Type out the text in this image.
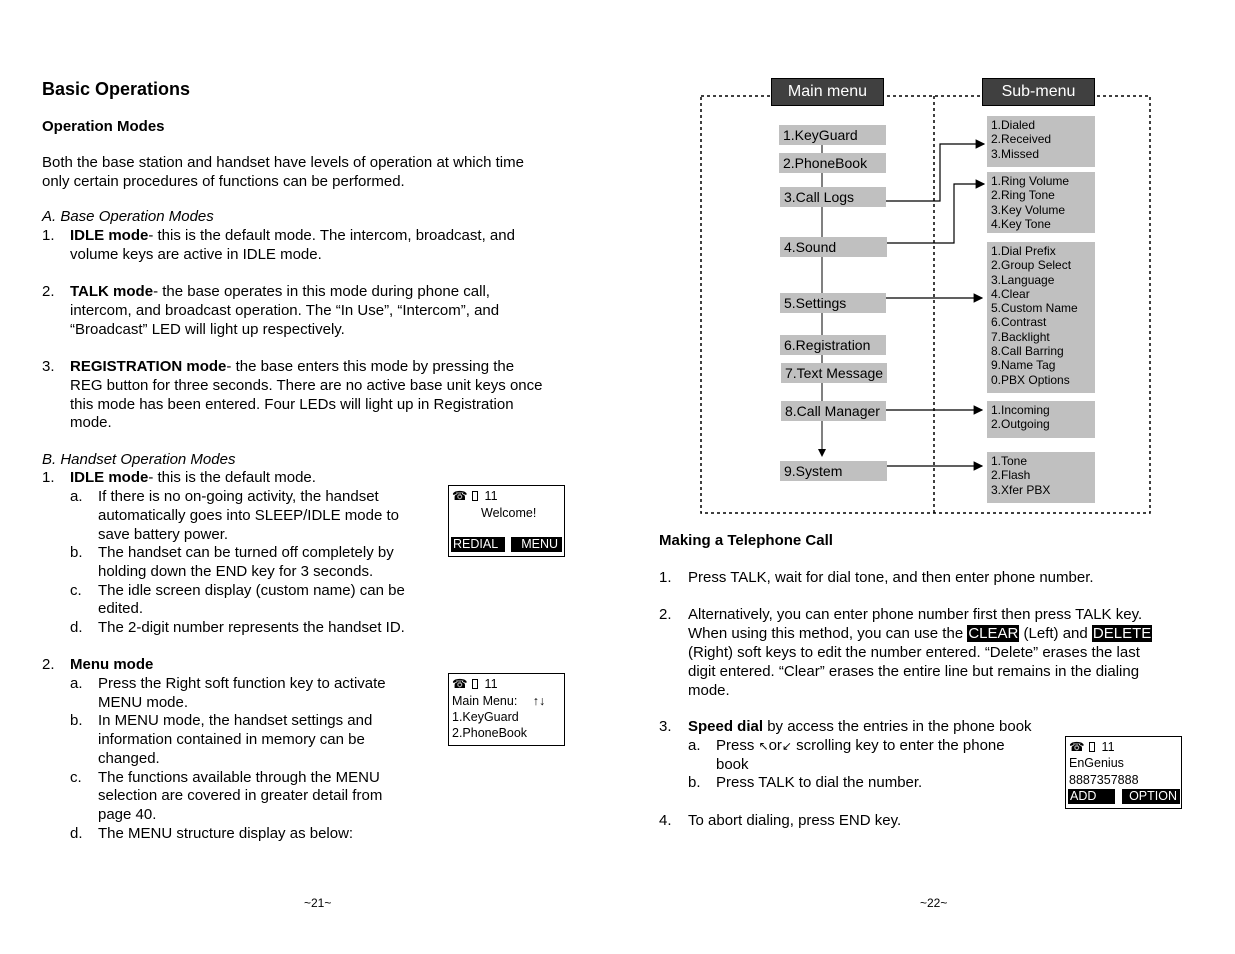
Basic Operations
Operation Modes
Both the base station and handset have levels of operation at which time
only certain procedures of functions can be performed.
A. Base Operation Modes
1. IDLE mode- this is the default mode. The intercom, broadcast, and
volume keys are active in IDLE mode.
2. TALK mode- the base operates in this mode during phone call,
intercom, and broadcast operation. The “In Use”, “Intercom”, and
“Broadcast” LED will light up respectively.
3. REGISTRATION mode- the base enters this mode by pressing the
REG button for three seconds. There are no active base unit keys once
this mode has been entered. Four LEDs will light up in Registration
mode.
B. Handset Operation Modes
1. IDLE mode- this is the default mode.
a. If there is no on-going activity, the handset
automatically goes into SLEEP/IDLE mode to
save battery power.
b. The handset can be turned off completely by
holding down the END key for 3 seconds.
c. The idle screen display (custom name) can be
edited.
d. The 2-digit number represents the handset ID.
2. Menu mode
a. Press the Right soft function key to activate
MENU mode.
b. In MENU mode, the handset settings and
information contained in memory can be
changed.
c. The functions available through the MENU
selection are covered in greater detail from
page 40.
d. The MENU structure display as below:
☎ 11
Welcome!
REDIAL	MENU
☎ 11
Main Menu: ↑↓
1.KeyGuard
2.PhoneBook
~21~
Main menu	Sub-menu
1.KeyGuard
2.PhoneBook
3.Call Logs
4.Sound
5.Settings
6.Registration
7.Text Message
8.Call Manager
9.System
1.Dialed
2.Received
3.Missed
1.Ring Volume
2.Ring Tone
3.Key Volume
4.Key Tone
1.Dial Prefix
2.Group Select
3.Language
4.Clear
5.Custom Name
6.Contrast
7.Backlight
8.Call Barring
9.Name Tag
0.PBX Options
1.Incoming
2.Outgoing
1.Tone
2.Flash
3.Xfer PBX
Making a Telephone Call
1. Press TALK, wait for dial tone, and then enter phone number.
2. Alternatively, you can enter phone number first then press TALK key.
When using this method, you can use the CLEAR (Left) and DELETE
(Right) soft keys to edit the number entered. “Delete” erases the last
digit entered. “Clear” erases the entire line but remains in the dialing
mode.
3. Speed dial by access the entries in the phone book
a. Press ↖or↙ scrolling key to enter the phone
book
b. Press TALK to dial the number.
4. To abort dialing, press END key.
☎ 11
EnGenius
8887357888
ADD	OPTION
~22~
